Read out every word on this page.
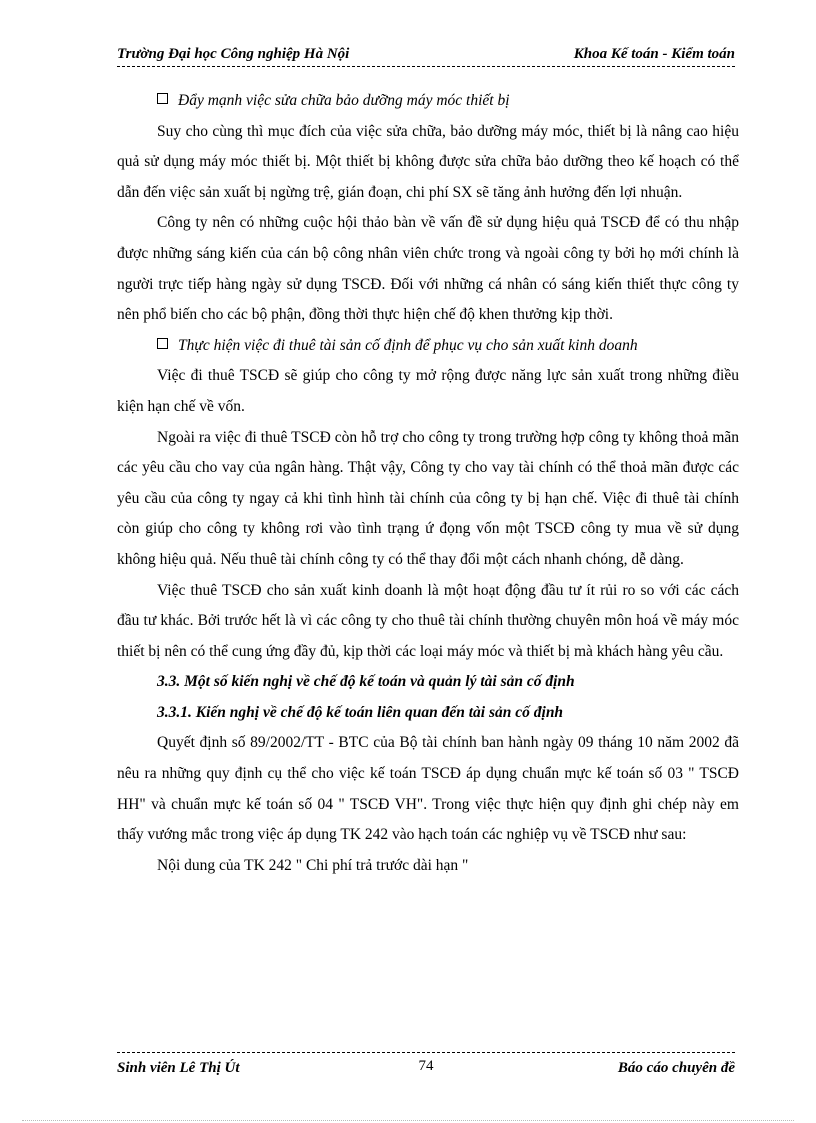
Trường Đại học Công nghiệp Hà Nội	Khoa Kế toán - Kiểm toán

Đẩy mạnh việc sửa chữa bảo dưỡng máy móc thiết bị

Suy cho cùng thì mục đích của việc sửa chữa, bảo dưỡng máy móc, thiết bị là nâng cao hiệu quả sử dụng máy móc thiết bị. Một thiết bị không được sửa chữa bảo dưỡng theo kế hoạch có thể dẫn đến việc sản xuất bị ngừng trệ, gián đoạn, chi phí SX sẽ tăng ảnh hưởng đến lợi nhuận.

Công ty nên có những cuộc hội thảo bàn về vấn đề sử dụng hiệu quả TSCĐ để có thu nhập được những sáng kiến của cán bộ công nhân viên chức trong và ngoài công ty bởi họ mới chính là người trực tiếp hàng ngày sử dụng TSCĐ. Đối với những cá nhân có sáng kiến thiết thực công ty nên phổ biến cho các bộ phận, đồng thời thực hiện chế độ khen thưởng kịp thời.

Thực hiện việc đi thuê tài sản cố định để phục vụ cho sản xuất kinh doanh

Việc đi thuê TSCĐ sẽ giúp cho công ty mở rộng được năng lực sản xuất trong những điều kiện hạn chế về vốn.

Ngoài ra việc đi thuê TSCĐ còn hỗ trợ cho công ty trong trường hợp công ty không thoả mãn các yêu cầu cho vay của ngân hàng. Thật vậy, Công ty cho vay tài chính có thể thoả mãn được các yêu cầu của công ty ngay cả khi tình hình tài chính của công ty bị hạn chế. Việc đi thuê tài chính còn giúp cho công ty không rơi vào tình trạng ứ đọng vốn một TSCĐ công ty mua về sử dụng không hiệu quả. Nếu thuê tài chính công ty có thể thay đổi một cách nhanh chóng, dễ dàng.

Việc thuê TSCĐ cho sản xuất kinh doanh là một hoạt động đầu tư ít rủi ro so với các cách đầu tư khác. Bởi trước hết là vì các công ty cho thuê tài chính thường chuyên môn hoá về máy móc thiết bị nên có thể cung ứng đầy đủ, kịp thời các loại máy móc và thiết bị mà khách hàng yêu cầu.

3.3. Một số kiến nghị về chế độ kế toán và quản lý tài sản cố định

3.3.1. Kiến nghị về chế độ kế toán liên quan đến tài sản cố định

Quyết định số 89/2002/TT - BTC của Bộ tài chính ban hành ngày 09 tháng 10 năm 2002 đã nêu ra những quy định cụ thể cho việc kế toán TSCĐ áp dụng chuẩn mực kế toán số 03 " TSCĐ HH" và chuẩn mực kế toán số 04 " TSCĐ VH". Trong việc thực hiện quy định ghi chép này em thấy vướng mắc trong việc áp dụng TK 242 vào hạch toán các nghiệp vụ về TSCĐ như sau:

Nội dung của TK 242 " Chi phí trả trước dài hạn "

Sinh viên Lê Thị Út	74	Báo cáo chuyên đề
